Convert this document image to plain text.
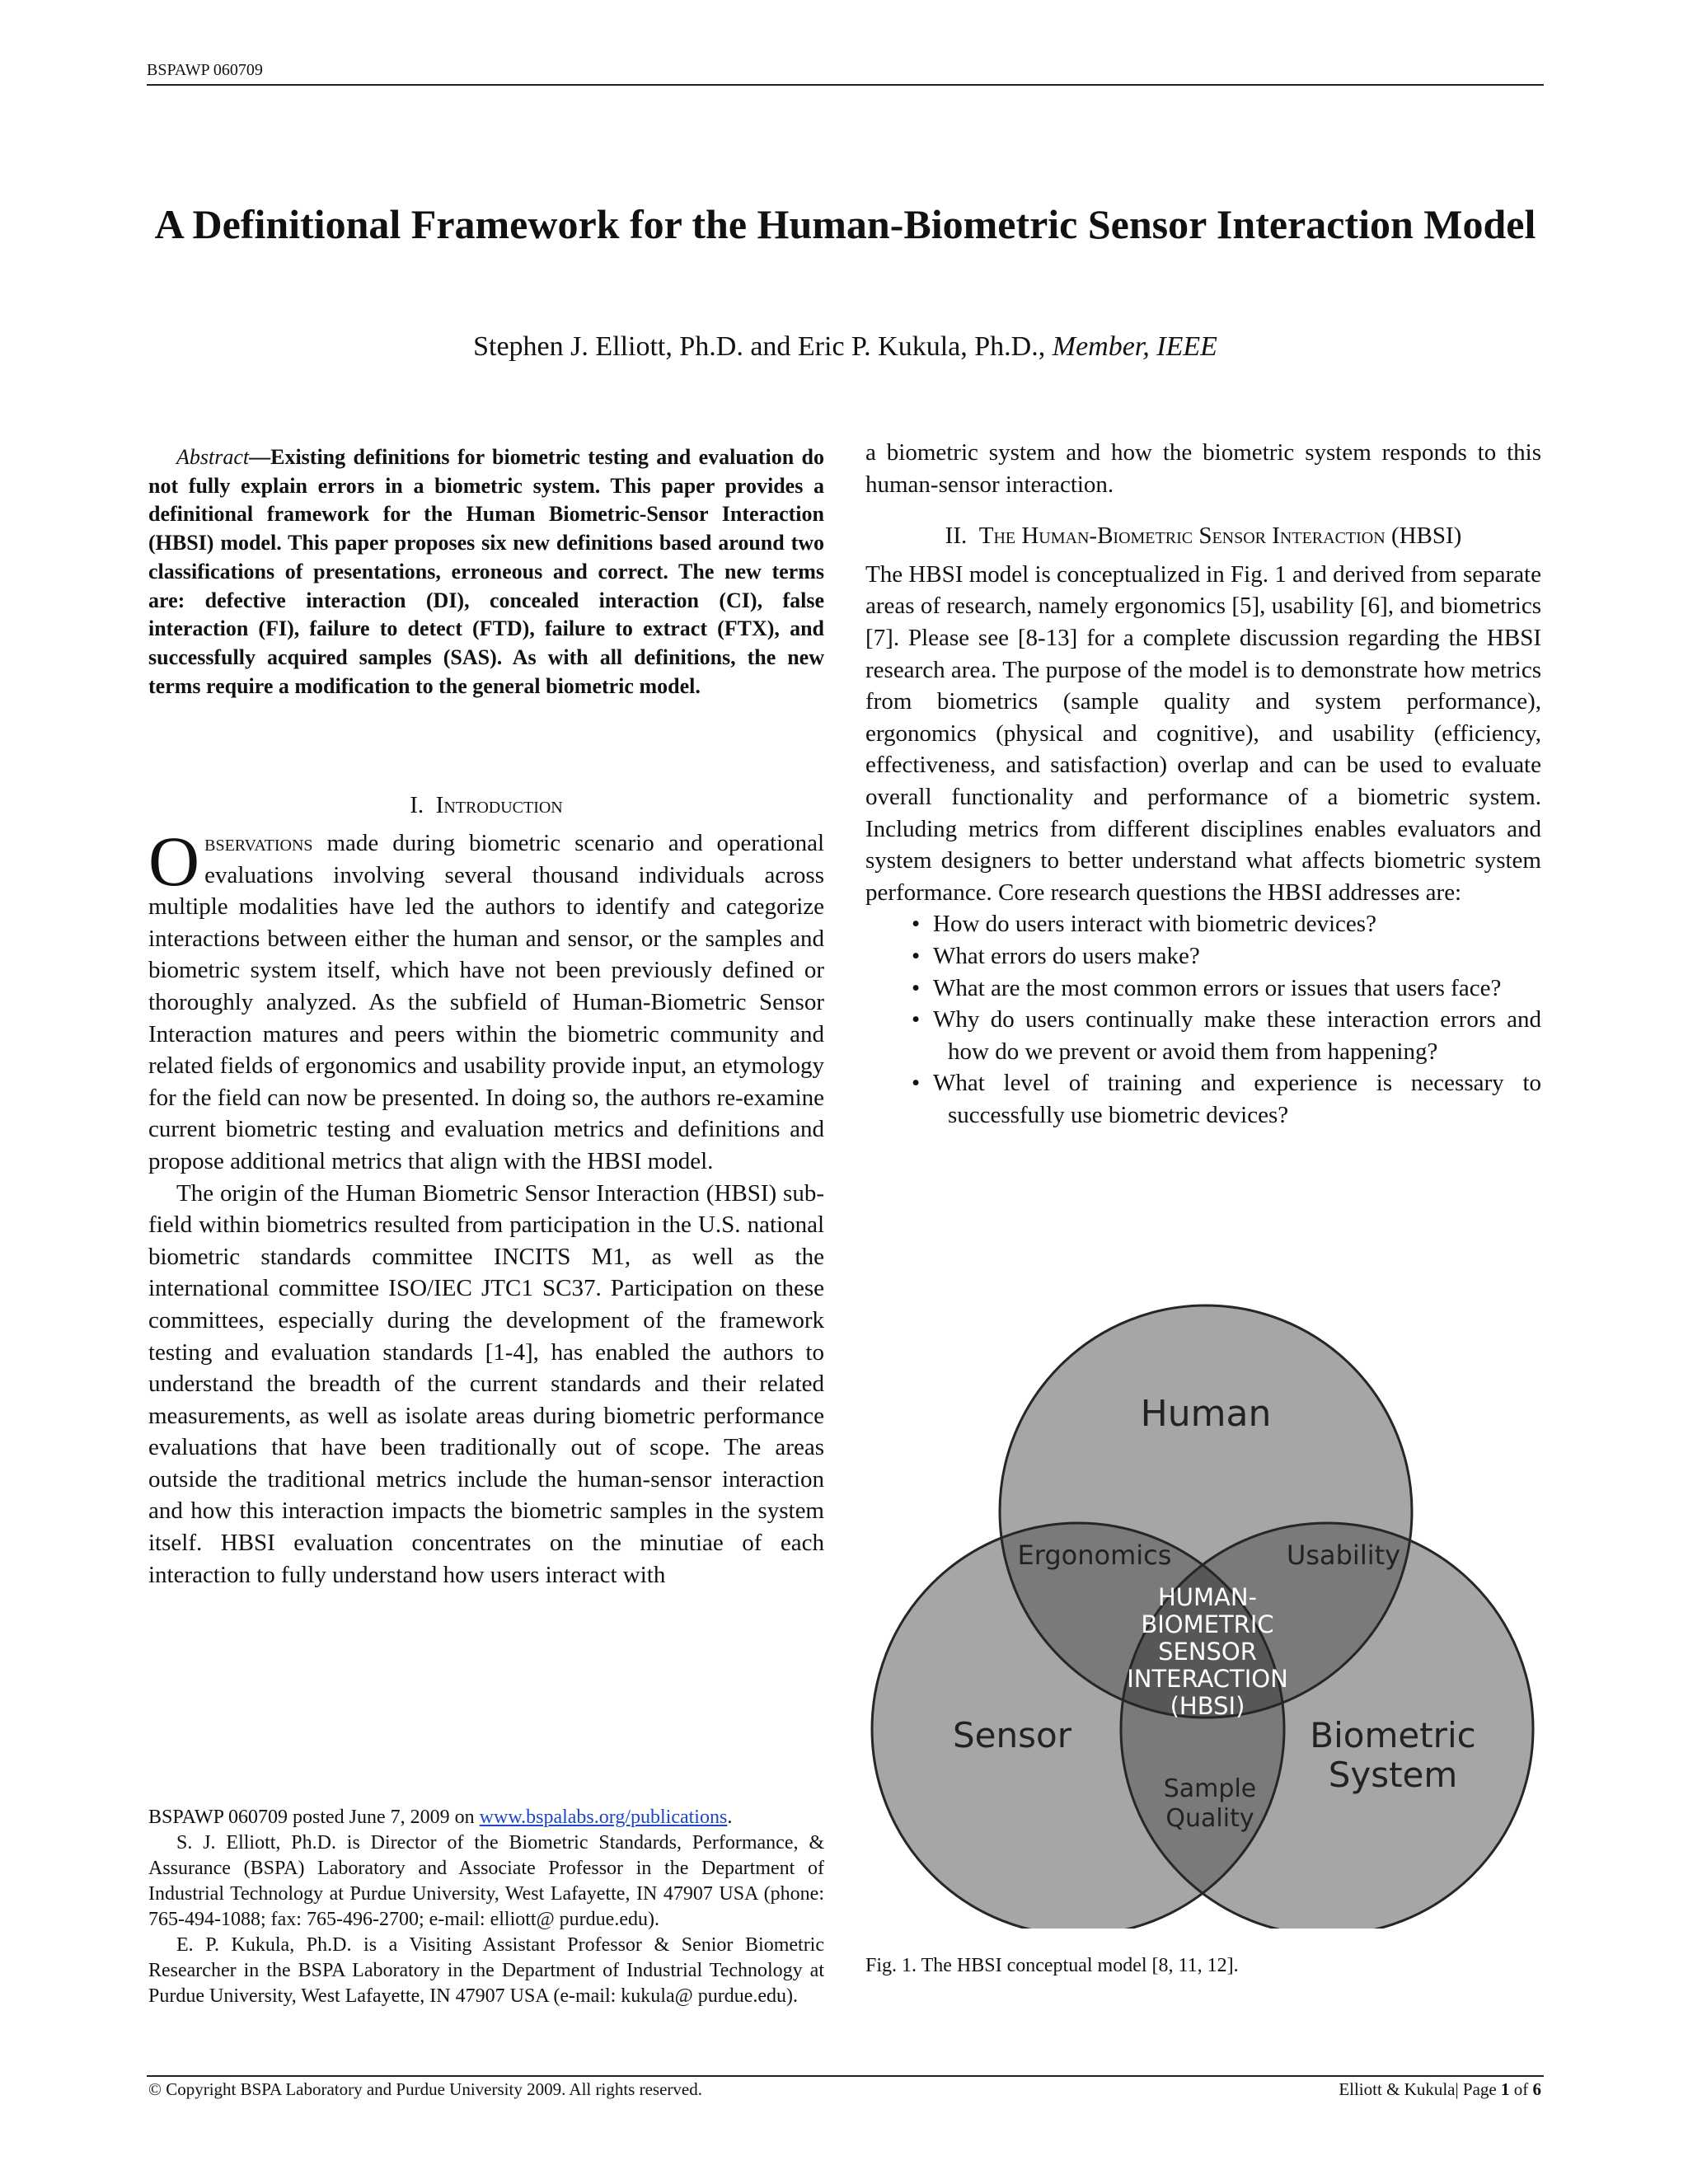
BSPAWP 060709
A Definitional Framework for the Human-Biometric Sensor Interaction Model
Stephen J. Elliott, Ph.D. and Eric P. Kukula, Ph.D., Member, IEEE
Abstract—Existing definitions for biometric testing and evaluation do not fully explain errors in a biometric system. This paper provides a definitional framework for the Human Biometric-Sensor Interaction (HBSI) model. This paper proposes six new definitions based around two classifications of presentations, erroneous and correct. The new terms are: defective interaction (DI), concealed interaction (CI), false interaction (FI), failure to detect (FTD), failure to extract (FTX), and successfully acquired samples (SAS). As with all definitions, the new terms require a modification to the general biometric model.
I. Introduction

Observations made during biometric scenario and operational evaluations involving several thousand individuals across multiple modalities have led the authors to identify and categorize interactions between either the human and sensor, or the samples and biometric system itself, which have not been previously defined or thoroughly analyzed. As the subfield of Human-Biometric Sensor Interaction matures and peers within the biometric community and related fields of ergonomics and usability provide input, an etymology for the field can now be presented. In doing so, the authors re-examine current biometric testing and evaluation metrics and definitions and propose additional metrics that align with the HBSI model.

The origin of the Human Biometric Sensor Interaction (HBSI) sub-field within biometrics resulted from participation in the U.S. national biometric standards committee INCITS M1, as well as the international committee ISO/IEC JTC1 SC37. Participation on these committees, especially during the development of the framework testing and evaluation standards [1-4], has enabled the authors to understand the breadth of the current standards and their related measurements, as well as isolate areas during biometric performance evaluations that have been traditionally out of scope. The areas outside the traditional metrics include the human-sensor interaction and how this interaction impacts the biometric samples in the system itself. HBSI evaluation concentrates on the minutiae of each interaction to fully understand how users interact with

BSPAWP 060709 posted June 7, 2009 on www.bspalabs.org/publications.

S. J. Elliott, Ph.D. is Director of the Biometric Standards, Performance, & Assurance (BSPA) Laboratory and Associate Professor in the Department of Industrial Technology at Purdue University, West Lafayette, IN 47907 USA (phone: 765-494-1088; fax: 765-496-2700; e-mail: elliott@ purdue.edu).

E. P. Kukula, Ph.D. is a Visiting Assistant Professor & Senior Biometric Researcher in the BSPA Laboratory in the Department of Industrial Technology at Purdue University, West Lafayette, IN 47907 USA (e-mail: kukula@ purdue.edu).

a biometric system and how the biometric system responds to this human-sensor interaction.

II. The Human-Biometric Sensor Interaction (HBSI)

The HBSI model is conceptualized in Fig. 1 and derived from separate areas of research, namely ergonomics [5], usability [6], and biometrics [7]. Please see [8-13] for a complete discussion regarding the HBSI research area. The purpose of the model is to demonstrate how metrics from biometrics (sample quality and system performance), ergonomics (physical and cognitive), and usability (efficiency, effectiveness, and satisfaction) overlap and can be used to evaluate overall functionality and performance of a biometric system. Including metrics from different disciplines enables evaluators and system designers to better understand what affects biometric system performance. Core research questions the HBSI addresses are:

• How do users interact with biometric devices?
• What errors do users make?
• What are the most common errors or issues that users face?
• Why do users continually make these interaction errors and how do we prevent or avoid them from happening?
• What level of training and experience is necessary to successfully use biometric devices?
Human
Sensor	Biometric
System
Ergonomics	Usability
Sample
Quality
HUMAN-
BIOMETRIC
SENSOR
INTERACTION
(HBSI)
Fig. 1. The HBSI conceptual model [8, 11, 12].
© Copyright BSPA Laboratory and Purdue University 2009. All rights reserved.	Elliott & Kukula| Page 1 of 6
